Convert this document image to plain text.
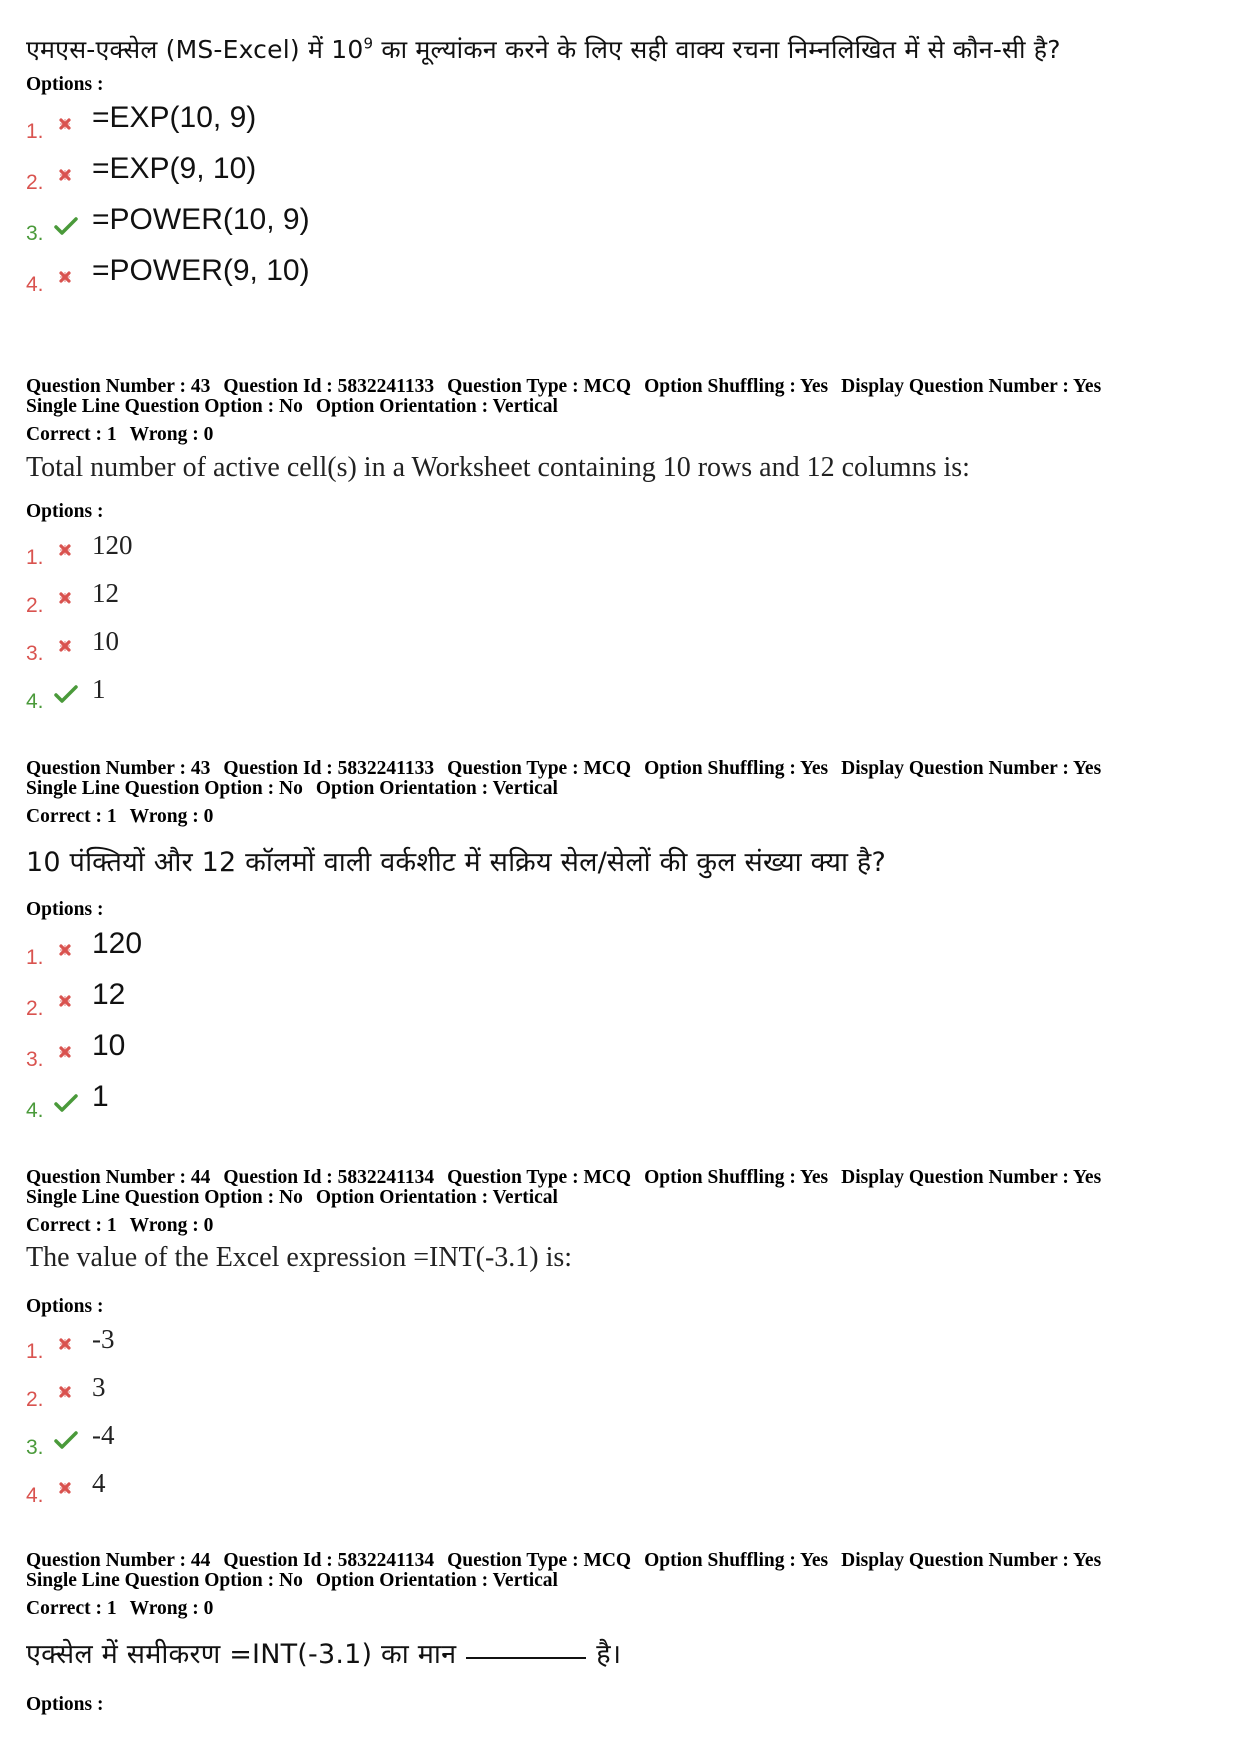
एमएस-एक्सेल (MS-Excel) में $10^9$ का मूल्यांकन करने के लिए सही वाक्य रचना निम्नलिखित में से कौन-सी है?
Options :
1. =EXP(10, 9)
2. =EXP(9, 10)
3. =POWER(10, 9)
4. =POWER(9, 10)
Question Number : 43 Question Id : 5832241133 Question Type : MCQ Option Shuffling : Yes Display Question Number : Yes
Single Line Question Option : No Option Orientation : Vertical
Correct : 1 Wrong : 0
Total number of active cell(s) in a Worksheet containing 10 rows and 12 columns is:
Options :
1.	120
2.	12
3.	10
4.	1
Question Number : 43 Question Id : 5832241133 Question Type : MCQ Option Shuffling : Yes Display Question Number : Yes
Single Line Question Option : No Option Orientation : Vertical
Correct : 1 Wrong : 0
10 पंक्तियों और 12 कॉलमों वाली वर्कशीट में सक्रिय सेल/सेलों की कुल संख्या क्या है?
Options :
1. 120
2. 12
3. 10
4. 1
Question Number : 44 Question Id : 5832241134 Question Type : MCQ Option Shuffling : Yes Display Question Number : Yes
Single Line Question Option : No Option Orientation : Vertical
Correct : 1 Wrong : 0
The value of the Excel expression =INT(-3.1) is:
Options :
1.	-3
2.	3
3.	-4
4.	4
Question Number : 44 Question Id : 5832241134 Question Type : MCQ Option Shuffling : Yes Display Question Number : Yes
Single Line Question Option : No Option Orientation : Vertical
Correct : 1 Wrong : 0
एक्सेल में समीकरण =INT(-3.1) का मान	है।
Options :
